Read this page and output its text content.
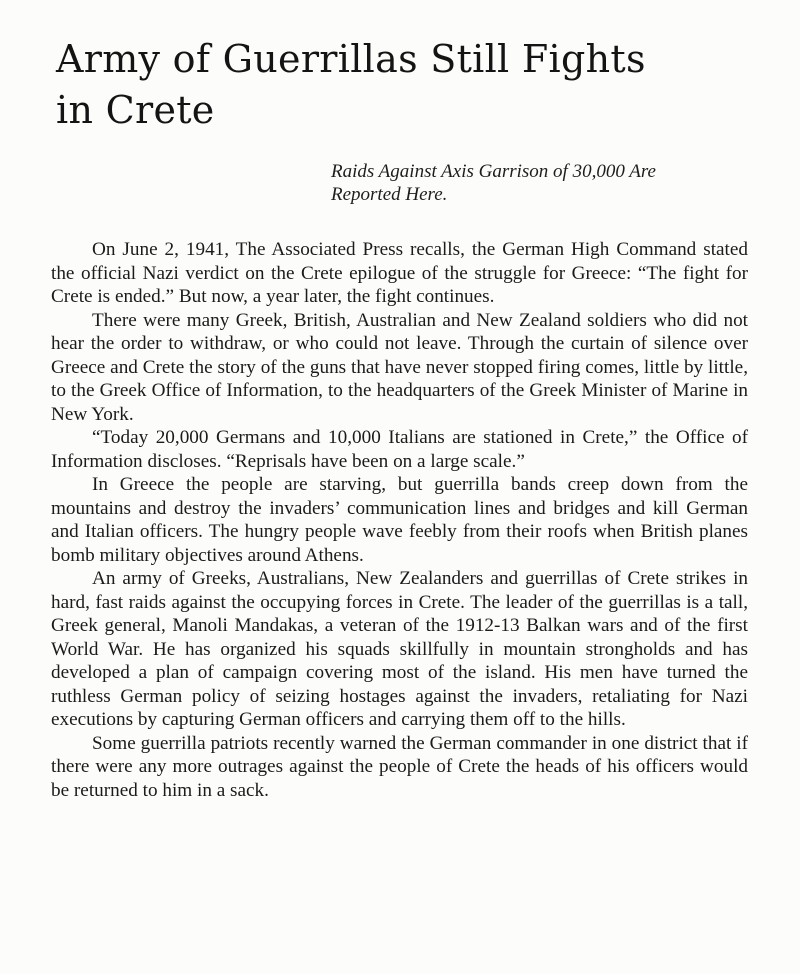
Army of Guerrillas Still Fights in Crete

Raids Against Axis Garrison of 30,000 Are
Reported Here.

On June 2, 1941, The Associated Press recalls, the German High Command stated the official Nazi verdict on the Crete epilogue of the struggle for Greece: “The fight for Crete is ended.” But now, a year later, the fight continues.

There were many Greek, British, Australian and New Zealand soldiers who did not hear the order to withdraw, or who could not leave. Through the curtain of silence over Greece and Crete the story of the guns that have never stopped firing comes, little by little, to the Greek Office of Information, to the headquarters of the Greek Minister of Marine in New York.

“Today 20,000 Germans and 10,000 Italians are stationed in Crete,” the Office of Information discloses. “Reprisals have been on a large scale.”

In Greece the people are starving, but guerrilla bands creep down from the mountains and destroy the invaders’ communication lines and bridges and kill German and Italian officers. The hungry people wave feebly from their roofs when British planes bomb military objectives around Athens.

An army of Greeks, Australians, New Zealanders and guerrillas of Crete strikes in hard, fast raids against the occupying forces in Crete. The leader of the guerrillas is a tall, Greek general, Manoli Mandakas, a veteran of the 1912-13 Balkan wars and of the first World War. He has organized his squads skillfully in mountain strongholds and has developed a plan of campaign covering most of the island. His men have turned the ruthless German policy of seizing hostages against the invaders, retaliating for Nazi executions by capturing German officers and carrying them off to the hills.

Some guerrilla patriots recently warned the German commander in one district that if there were any more outrages against the people of Crete the heads of his officers would be returned to him in a sack.
